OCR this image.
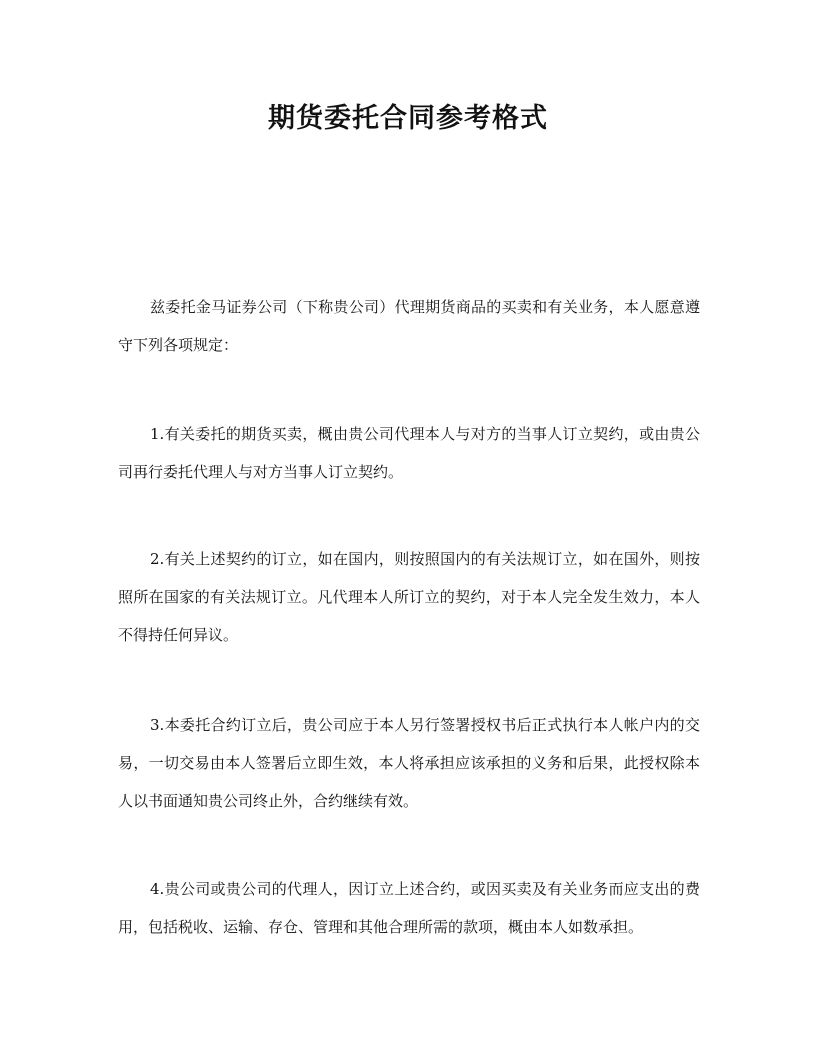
期货委托合同参考格式

兹委托金马证券公司（下称贵公司）代理期货商品的买卖和有关业务，本人愿意遵守下列各项规定：

1.有关委托的期货买卖，概由贵公司代理本人与对方的当事人订立契约，或由贵公司再行委托代理人与对方当事人订立契约。

2.有关上述契约的订立，如在国内，则按照国内的有关法规订立，如在国外，则按照所在国家的有关法规订立。凡代理本人所订立的契约，对于本人完全发生效力，本人不得持任何异议。

3.本委托合约订立后，贵公司应于本人另行签署授权书后正式执行本人帐户内的交易，一切交易由本人签署后立即生效，本人将承担应该承担的义务和后果，此授权除本人以书面通知贵公司终止外，合约继续有效。

4.贵公司或贵公司的代理人，因订立上述合约，或因买卖及有关业务而应支出的费用，包括税收、运输、存仓、管理和其他合理所需的款项，概由本人如数承担。
